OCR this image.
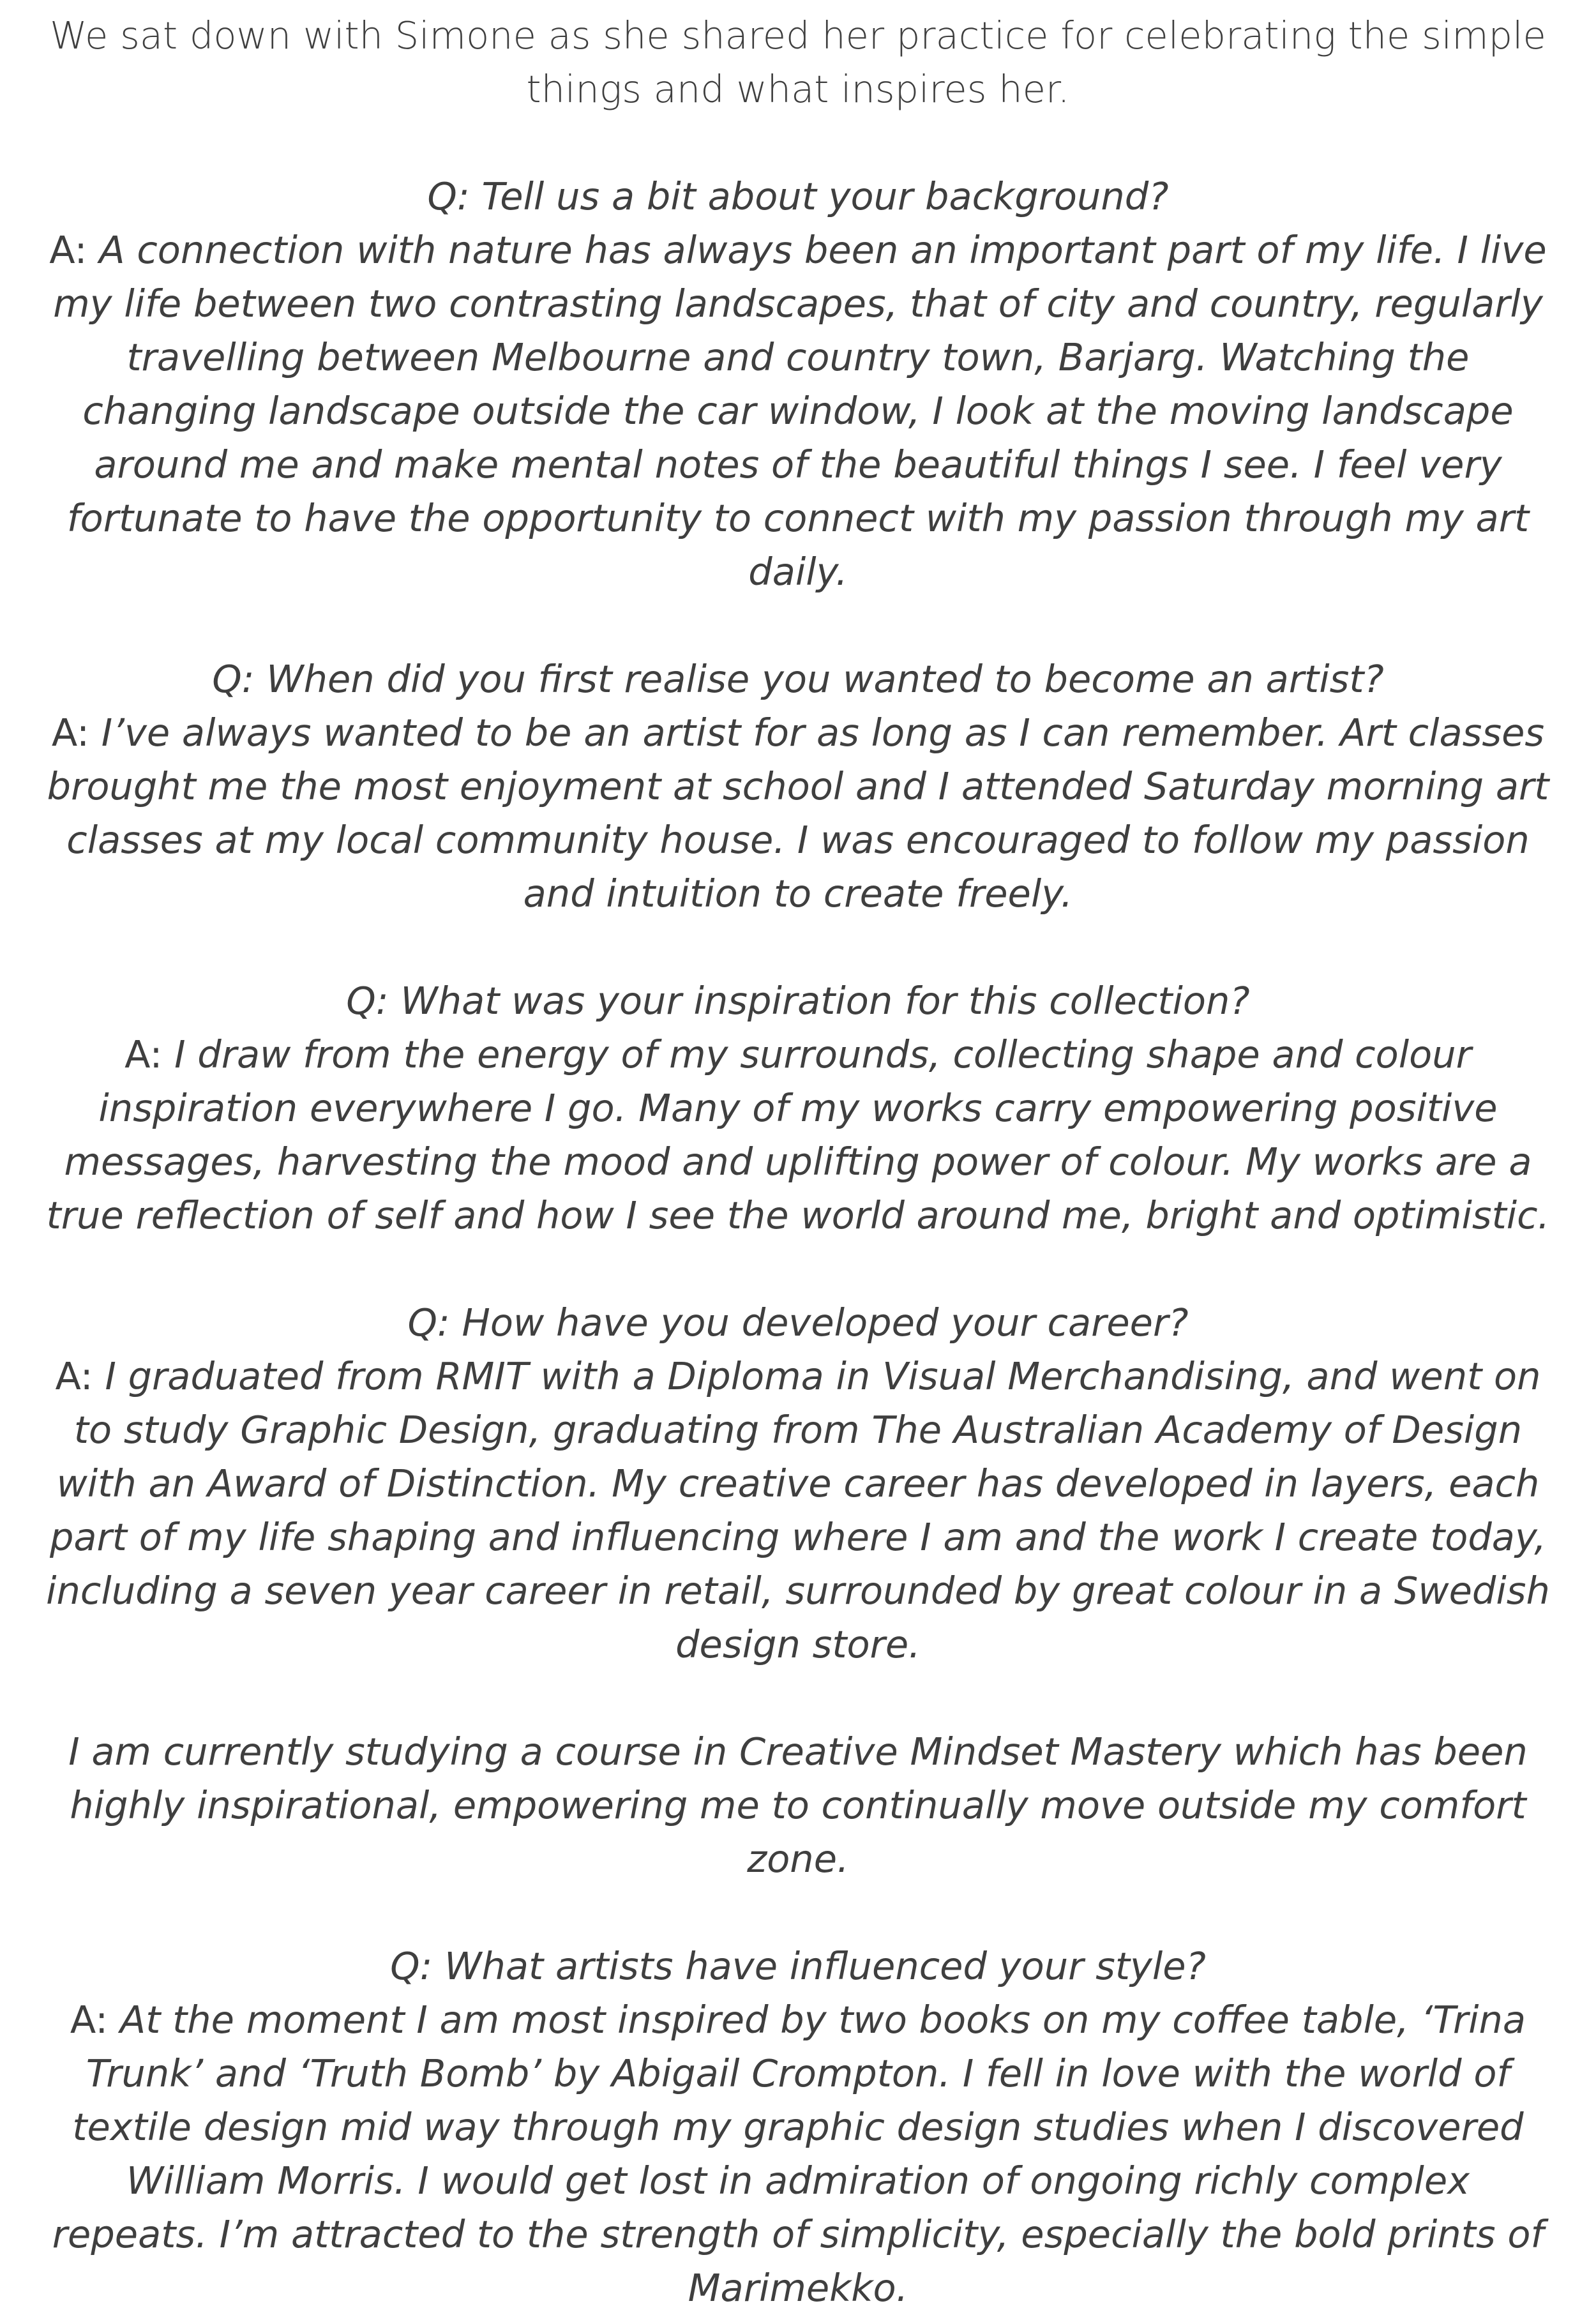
We sat down with Simone as she shared her practice for celebrating the simple things and what inspires her.

Q: Tell us a bit about your background?

A: A connection with nature has always been an important part of my life. I live my life between two contrasting landscapes, that of city and country, regularly travelling between Melbourne and country town, Barjarg. Watching the changing landscape outside the car window, I look at the moving landscape around me and make mental notes of the beautiful things I see. I feel very fortunate to have the opportunity to connect with my passion through my art daily.

Q: When did you first realise you wanted to become an artist?

A: I’ve always wanted to be an artist for as long as I can remember. Art classes brought me the most enjoyment at school and I attended Saturday morning art classes at my local community house. I was encouraged to follow my passion and intuition to create freely.

Q: What was your inspiration for this collection?

A: I draw from the energy of my surrounds, collecting shape and colour inspiration everywhere I go. Many of my works carry empowering positive messages, harvesting the mood and uplifting power of colour. My works are a true reflection of self and how I see the world around me, bright and optimistic.

Q: How have you developed your career?

A: I graduated from RMIT with a Diploma in Visual Merchandising, and went on to study Graphic Design, graduating from The Australian Academy of Design with an Award of Distinction. My creative career has developed in layers, each part of my life shaping and influencing where I am and the work I create today, including a seven year career in retail, surrounded by great colour in a Swedish design store.

I am currently studying a course in Creative Mindset Mastery which has been highly inspirational, empowering me to continually move outside my comfort zone.

Q: What artists have influenced your style?

A: At the moment I am most inspired by two books on my coffee table, ‘Trina Trunk’ and ‘Truth Bomb’ by Abigail Crompton. I fell in love with the world of textile design mid way through my graphic design studies when I discovered William Morris. I would get lost in admiration of ongoing richly complex repeats. I’m attracted to the strength of simplicity, especially the bold prints of Marimekko.
